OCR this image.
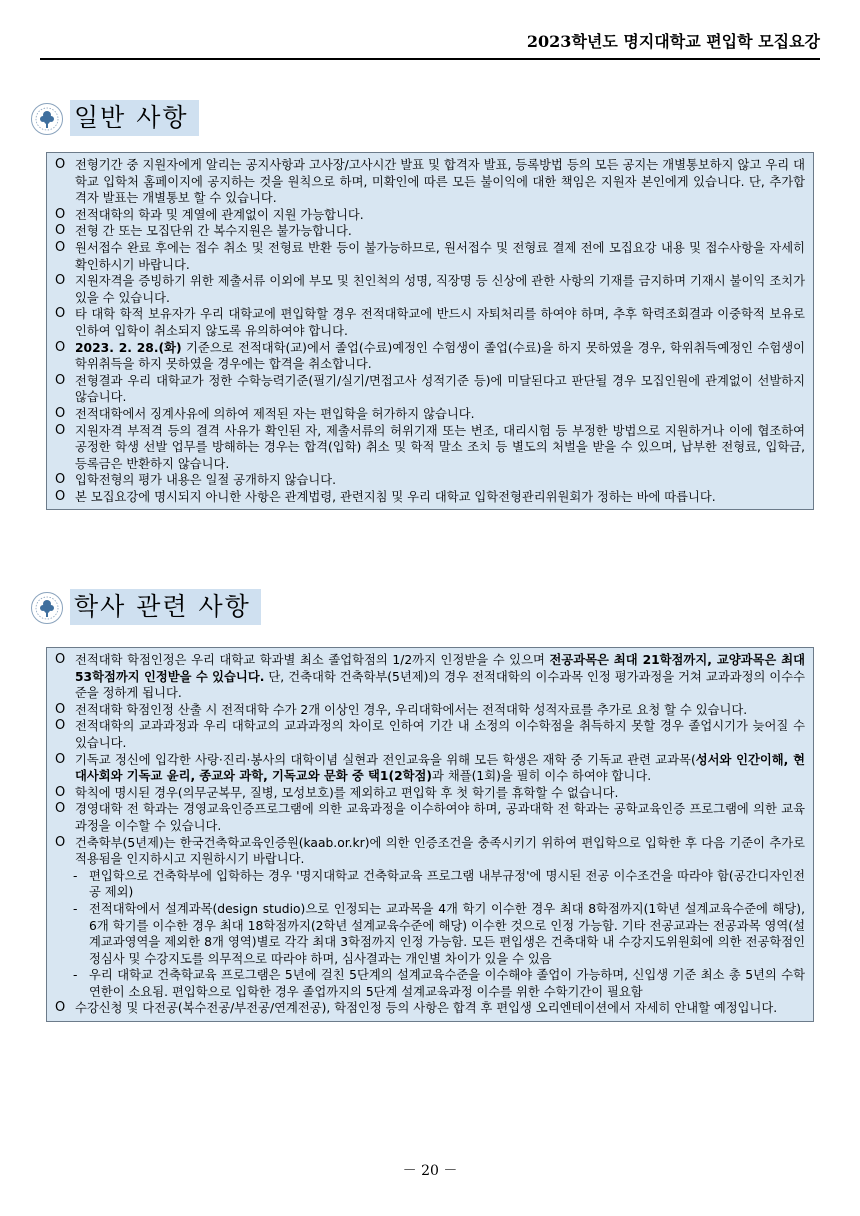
2023학년도 명지대학교 편입학 모집요강
일반 사항
O 전형기간 중 지원자에게 알리는 공지사항과 고사장/고사시간 발표 및 합격자 발표, 등록방법 등의 모든 공지는 개별통보하지 않고 우리 대학교 입학처 홈페이지에 공지하는 것을 원칙으로 하며, 미확인에 따른 모든 불이익에 대한 책임은 지원자 본인에게 있습니다. 단, 추가합격자 발표는 개별통보 할 수 있습니다.
O 전적대학의 학과 및 계열에 관계없이 지원 가능합니다.
O 전형 간 또는 모집단위 간 복수지원은 불가능합니다.
O 원서접수 완료 후에는 접수 취소 및 전형료 반환 등이 불가능하므로, 원서접수 및 전형료 결제 전에 모집요강 내용 및 접수사항을 자세히 확인하시기 바랍니다.
O 지원자격을 증빙하기 위한 제출서류 이외에 부모 및 친인척의 성명, 직장명 등 신상에 관한 사항의 기재를 금지하며 기재시 불이익 조치가 있을 수 있습니다.
O 타 대학 학적 보유자가 우리 대학교에 편입학할 경우 전적대학교에 반드시 자퇴처리를 하여야 하며, 추후 학력조회결과 이중학적 보유로 인하여 입학이 취소되지 않도록 유의하여야 합니다.
O 2023. 2. 28.(화) 기준으로 전적대학(교)에서 졸업(수료)예정인 수험생이 졸업(수료)을 하지 못하였을 경우, 학위취득예정인 수험생이 학위취득을 하지 못하였을 경우에는 합격을 취소합니다.
O 전형결과 우리 대학교가 정한 수학능력기준(필기/실기/면접고사 성적기준 등)에 미달된다고 판단될 경우 모집인원에 관계없이 선발하지 않습니다.
O 전적대학에서 징계사유에 의하여 제적된 자는 편입학을 허가하지 않습니다.
O 지원자격 부적격 등의 결격 사유가 확인된 자, 제출서류의 허위기재 또는 변조, 대리시험 등 부정한 방법으로 지원하거나 이에 협조하여 공정한 학생 선발 업무를 방해하는 경우는 합격(입학) 취소 및 학적 말소 조치 등 별도의 처벌을 받을 수 있으며, 납부한 전형료, 입학금, 등록금은 반환하지 않습니다.
O 입학전형의 평가 내용은 일절 공개하지 않습니다.
O 본 모집요강에 명시되지 아니한 사항은 관계법령, 관련지침 및 우리 대학교 입학전형관리위원회가 정하는 바에 따릅니다.
학사 관련 사항
O 전적대학 학점인정은 우리 대학교 학과별 최소 졸업학점의 1/2까지 인정받을 수 있으며 전공과목은 최대 21학점까지, 교양과목은 최대 53학점까지 인정받을 수 있습니다. 단, 건축대학 건축학부(5년제)의 경우 전적대학의 이수과목 인정 평가과정을 거쳐 교과과정의 이수수준을 정하게 됩니다.
O 전적대학 학점인정 산출 시 전적대학 수가 2개 이상인 경우, 우리대학에서는 전적대학 성적자료를 추가로 요청 할 수 있습니다.
O 전적대학의 교과과정과 우리 대학교의 교과과정의 차이로 인하여 기간 내 소정의 이수학점을 취득하지 못할 경우 졸업시기가 늦어질 수 있습니다.
O 기독교 정신에 입각한 사랑·진리·봉사의 대학이념 실현과 전인교육을 위해 모든 학생은 재학 중 기독교 관련 교과목(성서와 인간이해, 현대사회와 기독교 윤리, 종교와 과학, 기독교와 문화 중 택1(2학점)과 채플(1회)을 필히 이수 하여야 합니다.
O 학칙에 명시된 경우(의무군복무, 질병, 모성보호)를 제외하고 편입학 후 첫 학기를 휴학할 수 없습니다.
O 경영대학 전 학과는 경영교육인증프로그램에 의한 교육과정을 이수하여야 하며, 공과대학 전 학과는 공학교육인증 프로그램에 의한 교육과정을 이수할 수 있습니다.
O 건축학부(5년제)는 한국건축학교육인증원(kaab.or.kr)에 의한 인증조건을 충족시키기 위하여 편입학으로 입학한 후 다음 기준이 추가로 적용됨을 인지하시고 지원하시기 바랍니다.
- 편입학으로 건축학부에 입학하는 경우 '명지대학교 건축학교육 프로그램 내부규정'에 명시된 전공 이수조건을 따라야 함(공간디자인전공 제외)
- 전적대학에서 설계과목(design studio)으로 인정되는 교과목을 4개 학기 이수한 경우 최대 8학점까지(1학년 설계교육수준에 해당), 6개 학기를 이수한 경우 최대 18학점까지(2학년 설계교육수준에 해당) 이수한 것으로 인정 가능함. 기타 전공교과는 전공과목 영역(설계교과영역을 제외한 8개 영역)별로 각각 최대 3학점까지 인정 가능함. 모든 편입생은 건축대학 내 수강지도위원회에 의한 전공학점인정심사 및 수강지도를 의무적으로 따라야 하며, 심사결과는 개인별 차이가 있을 수 있음
- 우리 대학교 건축학교육 프로그램은 5년에 걸친 5단계의 설계교육수준을 이수해야 졸업이 가능하며, 신입생 기준 최소 총 5년의 수학연한이 소요됨. 편입학으로 입학한 경우 졸업까지의 5단계 설계교육과정 이수를 위한 수학기간이 필요함
O 수강신청 및 다전공(복수전공/부전공/연계전공), 학점인정 등의 사항은 합격 후 편입생 오리엔테이션에서 자세히 안내할 예정입니다.
－ 20 －
